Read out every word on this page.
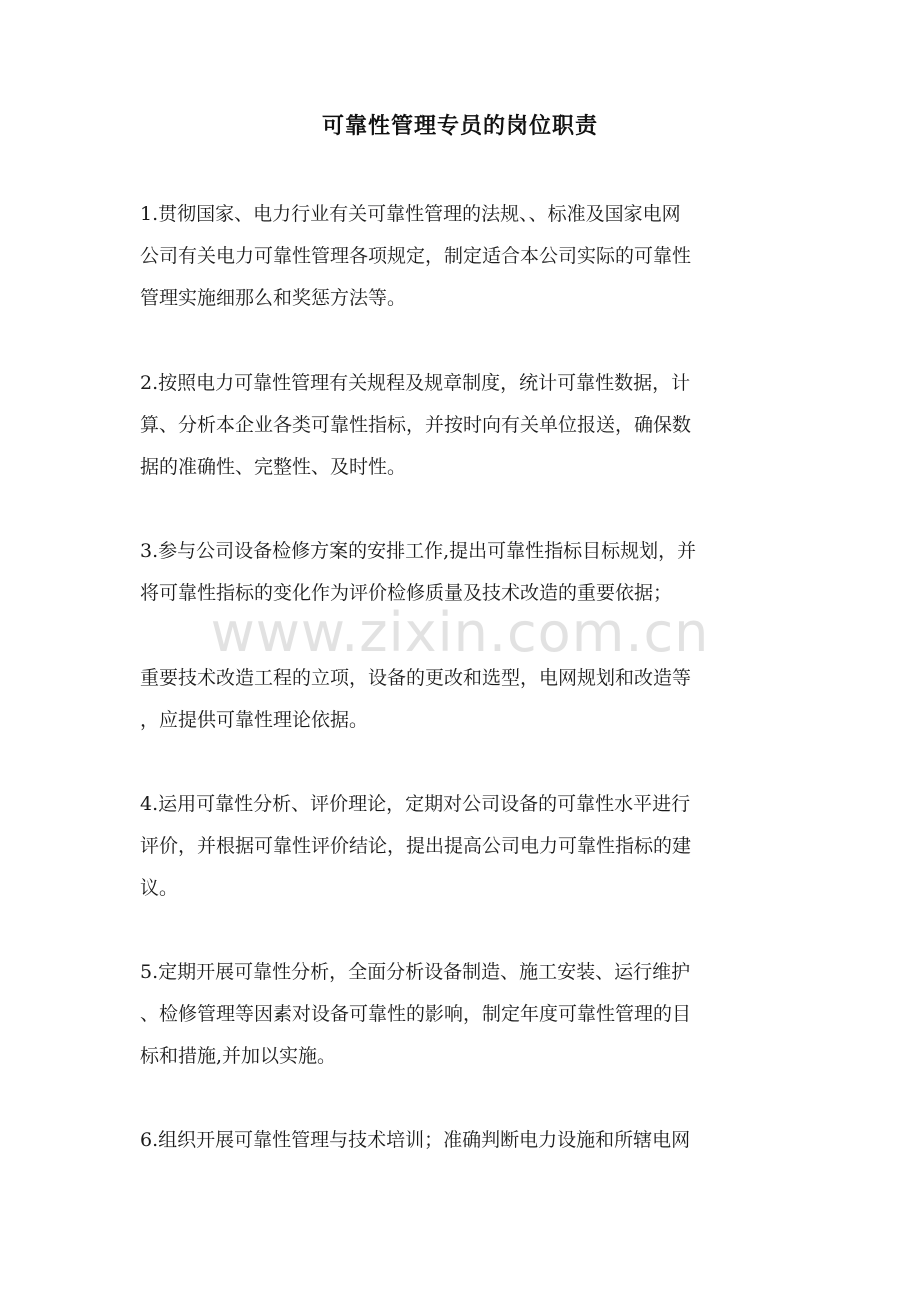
可靠性管理专员的岗位职责

1.贯彻国家、电力行业有关可靠性管理的法规、、标准及国家电网
公司有关电力可靠性管理各项规定，制定适合本公司实际的可靠性
管理实施细那么和奖惩方法等。

2.按照电力可靠性管理有关规程及规章制度，统计可靠性数据，计
算、分析本企业各类可靠性指标，并按时向有关单位报送，确保数
据的准确性、完整性、及时性。

3.参与公司设备检修方案的安排工作,提出可靠性指标目标规划，并
将可靠性指标的变化作为评价检修质量及技术改造的重要依据；

www.zixin.com.cn

重要技术改造工程的立项，设备的更改和选型，电网规划和改造等
，应提供可靠性理论依据。

4.运用可靠性分析、评价理论，定期对公司设备的可靠性水平进行
评价，并根据可靠性评价结论，提出提高公司电力可靠性指标的建
议。

5.定期开展可靠性分析，全面分析设备制造、施工安装、运行维护
、检修管理等因素对设备可靠性的影响，制定年度可靠性管理的目
标和措施,并加以实施。

6.组织开展可靠性管理与技术培训；准确判断电力设施和所辖电网
